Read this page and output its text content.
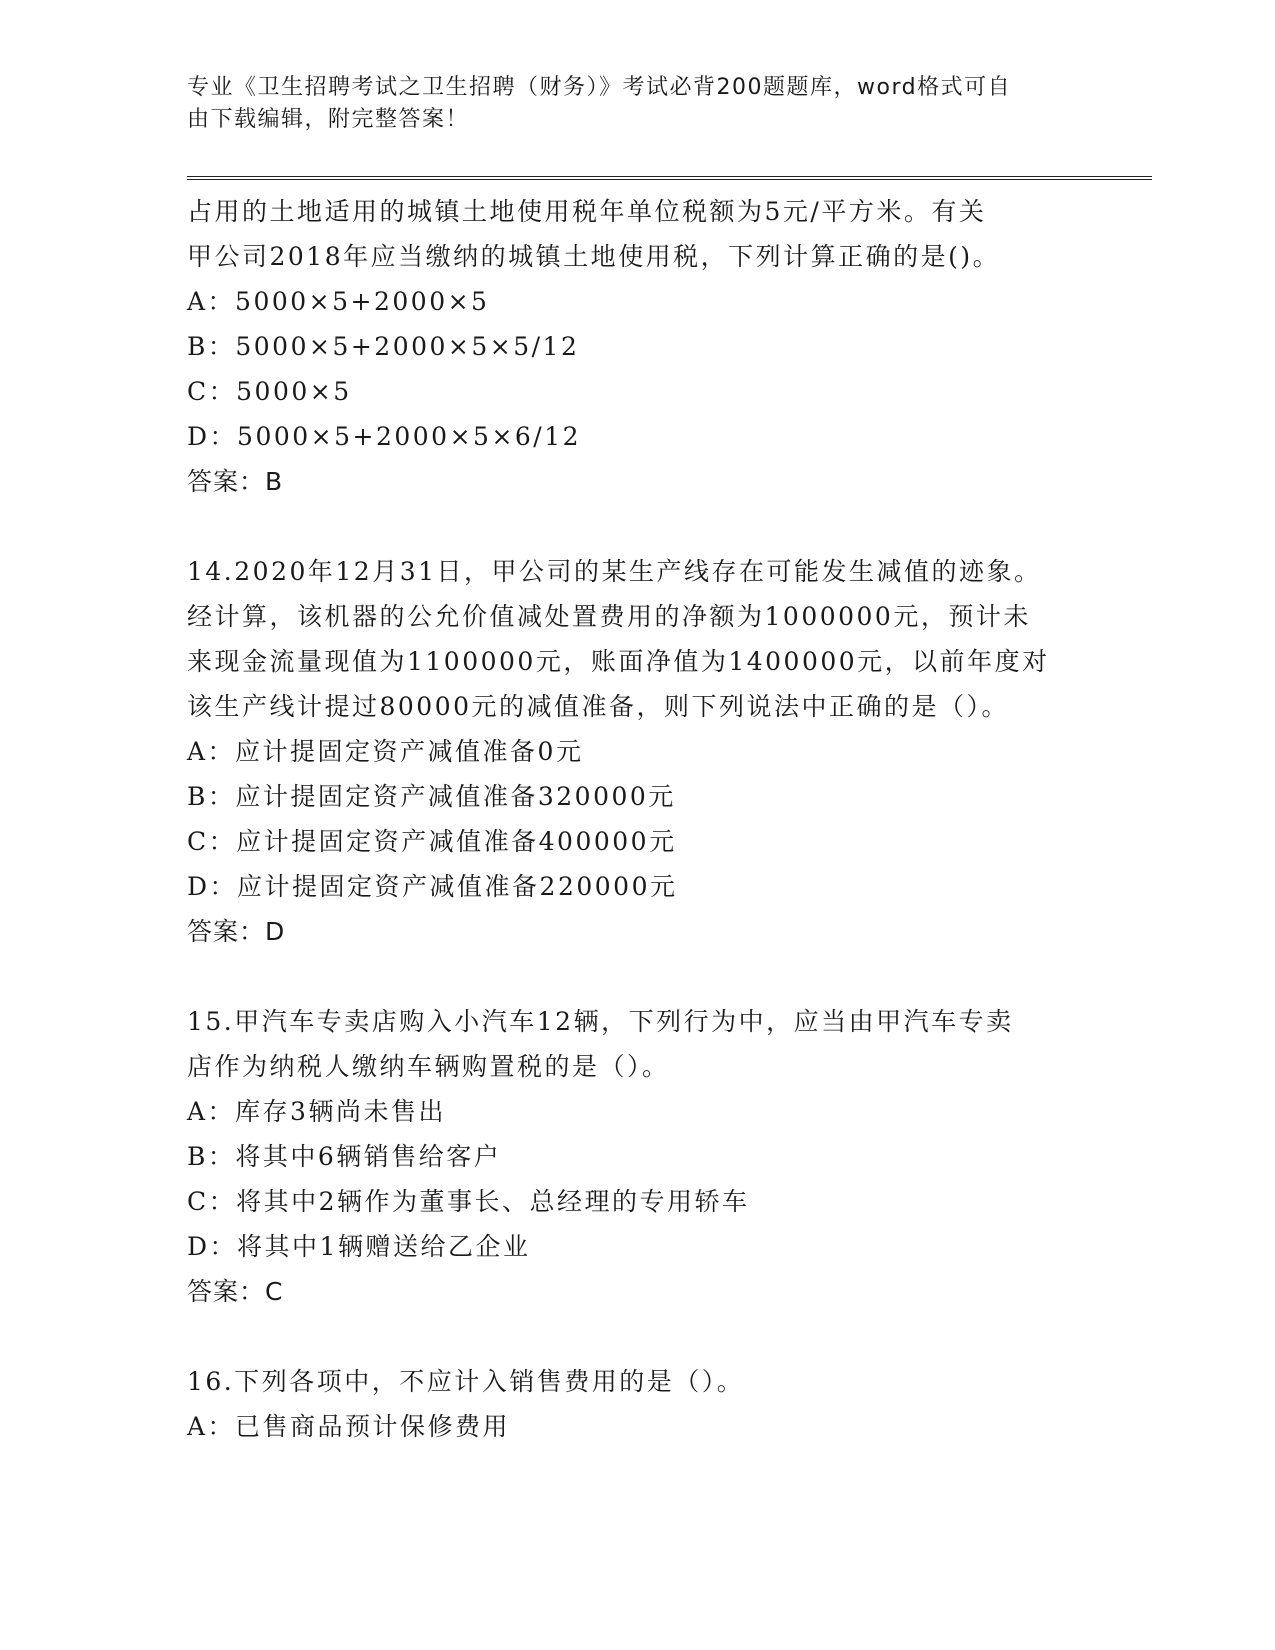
专业《卫生招聘考试之卫生招聘（财务）》考试必背200题题库，word格式可自
由下载编辑，附完整答案！
占用的土地适用的城镇土地使用税年单位税额为5元/平方米。有关
甲公司2018年应当缴纳的城镇土地使用税，下列计算正确的是()。
A：5000×5+2000×5
B：5000×5+2000×5×5/12
C：5000×5
D：5000×5+2000×5×6/12
答案：B
14.2020年12月31日，甲公司的某生产线存在可能发生减值的迹象。
经计算，该机器的公允价值减处置费用的净额为1000000元，预计未
来现金流量现值为1100000元，账面净值为1400000元，以前年度对
该生产线计提过80000元的减值准备，则下列说法中正确的是（）。
A：应计提固定资产减值准备0元
B：应计提固定资产减值准备320000元
C：应计提固定资产减值准备400000元
D：应计提固定资产减值准备220000元
答案：D
15.甲汽车专卖店购入小汽车12辆，下列行为中，应当由甲汽车专卖
店作为纳税人缴纳车辆购置税的是（）。
A：库存3辆尚未售出
B：将其中6辆销售给客户
C：将其中2辆作为董事长、总经理的专用轿车
D：将其中1辆赠送给乙企业
答案：C
16.下列各项中，不应计入销售费用的是（）。
A：已售商品预计保修费用
